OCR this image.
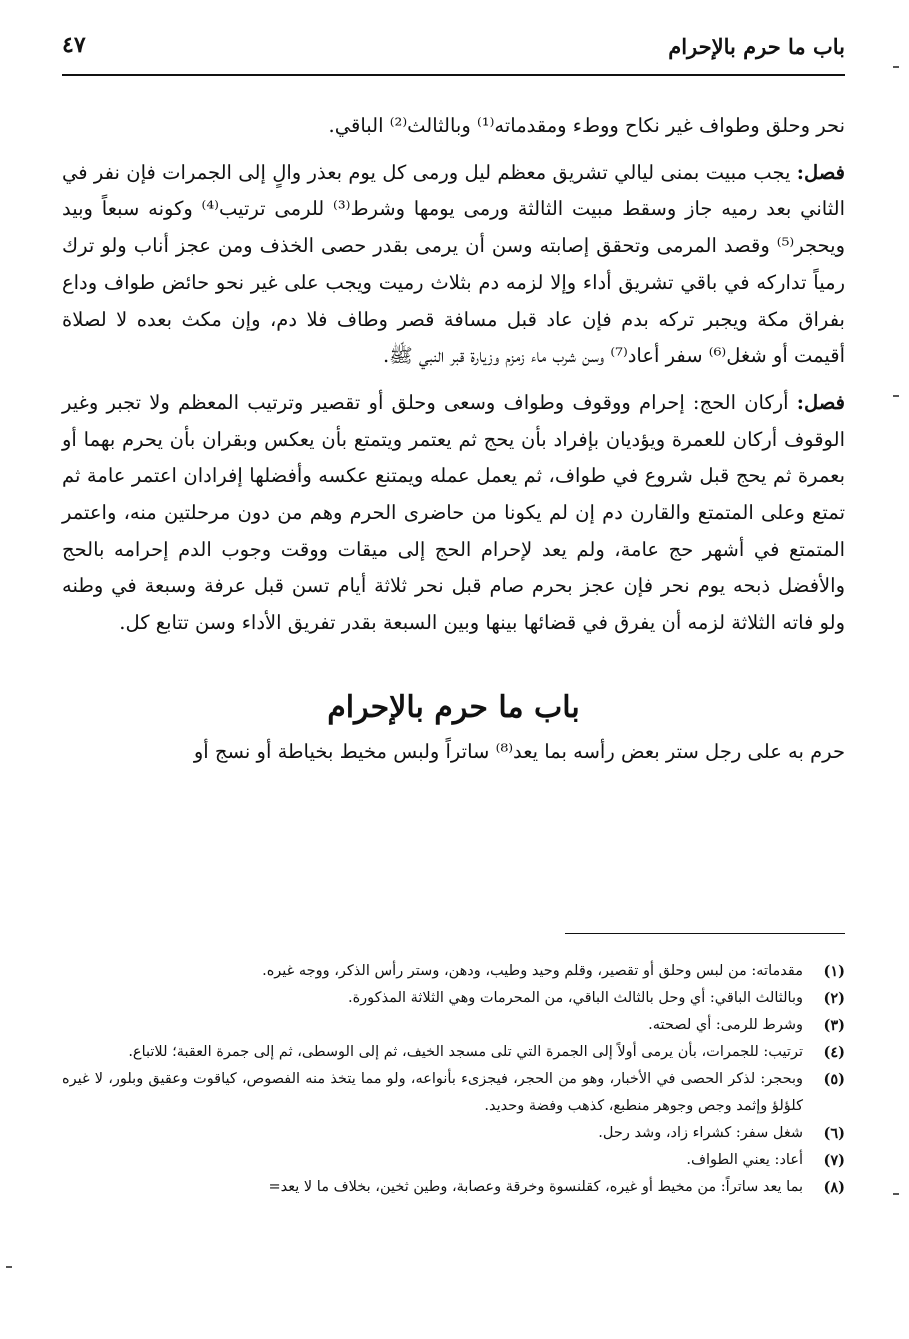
باب ما حرم بالإحرام
٤٧

نحر وحلق وطواف غير نكاح ووطء ومقدماته⁽¹⁾ وبالثالث⁽²⁾ الباقي.

فصل: يجب مبيت بمنى ليالي تشريق معظم ليل ورمى كل يوم بعذر والٍ إلى الجمرات فإن نفر في الثاني بعد رميه جاز وسقط مبيت الثالثة ورمى يومها وشرط⁽³⁾ للرمى ترتيب⁽⁴⁾ وكونه سبعاً وبيد ويحجر⁽⁵⁾ وقصد المرمى وتحقق إصابته وسن أن يرمى بقدر حصى الخذف ومن عجز أناب ولو ترك رمياً تداركه في باقي تشريق أداء وإلا لزمه دم بثلاث رميت ويجب على غير نحو حائض طواف وداع بفراق مكة ويجبر تركه بدم فإن عاد قبل مسافة قصر وطاف فلا دم، وإن مكث بعده لا لصلاة أقيمت أو شغل⁽⁶⁾ سفر أعاد⁽⁷⁾ وسن شرب ماء زمزم وزيارة قبر النبي ﷺ.

فصل: أركان الحج: إحرام ووقوف وطواف وسعى وحلق أو تقصير وترتيب المعظم ولا تجبر وغير الوقوف أركان للعمرة ويؤديان بإفراد بأن يحج ثم يعتمر ويتمتع بأن يعكس وبقران بأن يحرم بهما أو بعمرة ثم يحج قبل شروع في طواف، ثم يعمل عمله ويمتنع عكسه وأفضلها إفرادان اعتمر عامة ثم تمتع وعلى المتمتع والقارن دم إن لم يكونا من حاضرى الحرم وهم من دون مرحلتين منه، واعتمر المتمتع في أشهر حج عامة، ولم يعد لإحرام الحج إلى ميقات ووقت وجوب الدم إحرامه بالحج والأفضل ذبحه يوم نحر فإن عجز بحرم صام قبل نحر ثلاثة أيام تسن قبل عرفة وسبعة في وطنه ولو فاته الثلاثة لزمه أن يفرق في قضائها بينها وبين السبعة بقدر تفريق الأداء وسن تتابع كل.

باب ما حرم بالإحرام

حرم به على رجل ستر بعض رأسه بما يعد⁽⁸⁾ ساتراً ولبس مخيط بخياطة أو نسج أو

(١)
مقدماته: من لبس وحلق أو تقصير، وقلم وحيد وطيب، ودهن، وستر رأس الذكر، ووجه غيره.
(٢)
وبالثالث الباقي: أي وحل بالثالث الباقي، من المحرمات وهي الثلاثة المذكورة.
(٣)
وشرط للرمى: أي لصحته.
(٤)
ترتيب: للجمرات، بأن يرمى أولاً إلى الجمرة التي تلى مسجد الخيف، ثم إلى الوسطى، ثم إلى جمرة العقبة؛ للاتباع.
(٥)
وبحجر: لذكر الحصى في الأخبار، وهو من الحجر، فيجزىء بأنواعه، ولو مما يتخذ منه الفصوص، كياقوت وعقيق وبلور، لا غيره كلؤلؤ وإثمد وجص وجوهر منطبع، كذهب وفضة وحديد.
(٦)
شغل سفر: كشراء زاد، وشد رحل.
(٧)
أعاد: يعني الطواف.
(٨)
بما يعد ساتراً: من مخيط أو غيره، كقلنسوة وخرقة وعصابة، وطين ثخين، بخلاف ما لا يعد=
